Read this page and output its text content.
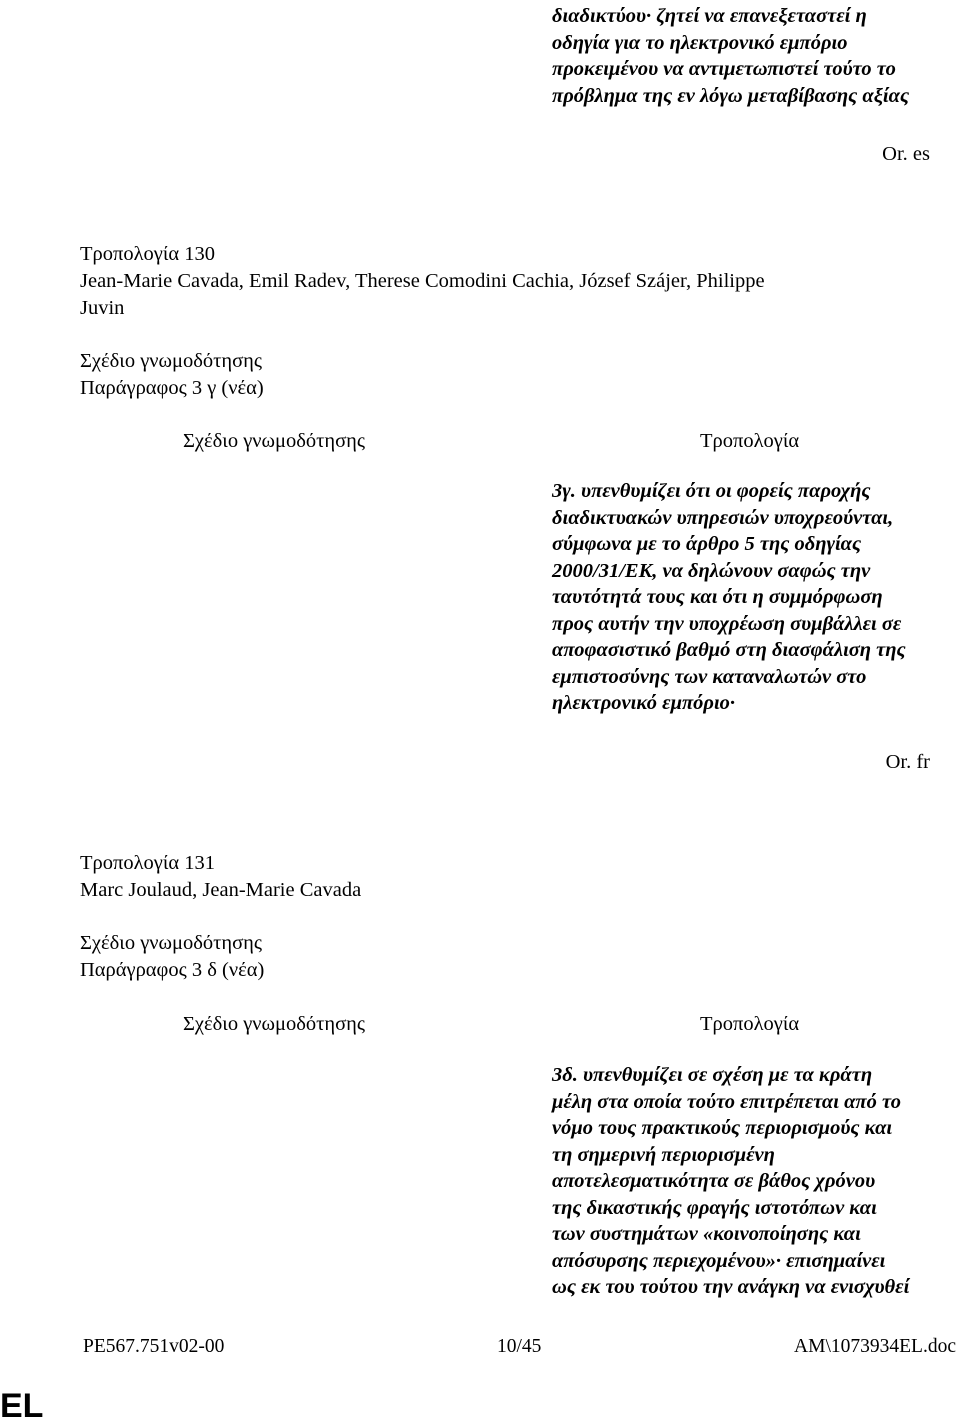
διαδικτύου· ζητεί να επανεξεταστεί η
οδηγία για το ηλεκτρονικό εμπόριο
προκειμένου να αντιμετωπιστεί τούτο το
πρόβλημα της εν λόγω μεταβίβασης αξίας
Or. es
Τροπολογία 130
Jean-Marie Cavada, Emil Radev, Therese Comodini Cachia, József Szájer, Philippe
Juvin
Σχέδιο γνωμοδότησης
Παράγραφος 3 γ (νέα)
Σχέδιο γνωμοδότησης	Τροπολογία
3γ. υπενθυμίζει ότι οι φορείς παροχής
διαδικτυακών υπηρεσιών υποχρεούνται,
σύμφωνα με το άρθρο 5 της οδηγίας
2000/31/ΕΚ, να δηλώνουν σαφώς την
ταυτότητά τους και ότι η συμμόρφωση
προς αυτήν την υποχρέωση συμβάλλει σε
αποφασιστικό βαθμό στη διασφάλιση της
εμπιστοσύνης των καταναλωτών στο
ηλεκτρονικό εμπόριο·
Or. fr
Τροπολογία 131
Marc Joulaud, Jean-Marie Cavada
Σχέδιο γνωμοδότησης
Παράγραφος 3 δ (νέα)
Σχέδιο γνωμοδότησης	Τροπολογία
3δ. υπενθυμίζει σε σχέση με τα κράτη
μέλη στα οποία τούτο επιτρέπεται από το
νόμο τους πρακτικούς περιορισμούς και
τη σημερινή περιορισμένη
αποτελεσματικότητα σε βάθος χρόνου
της δικαστικής φραγής ιστοτόπων και
των συστημάτων «κοινοποίησης και
απόσυρσης περιεχομένου»· επισημαίνει
ως εκ του τούτου την ανάγκη να ενισχυθεί
PE567.751v02-00	10/45	AM\1073934EL.doc
EL
